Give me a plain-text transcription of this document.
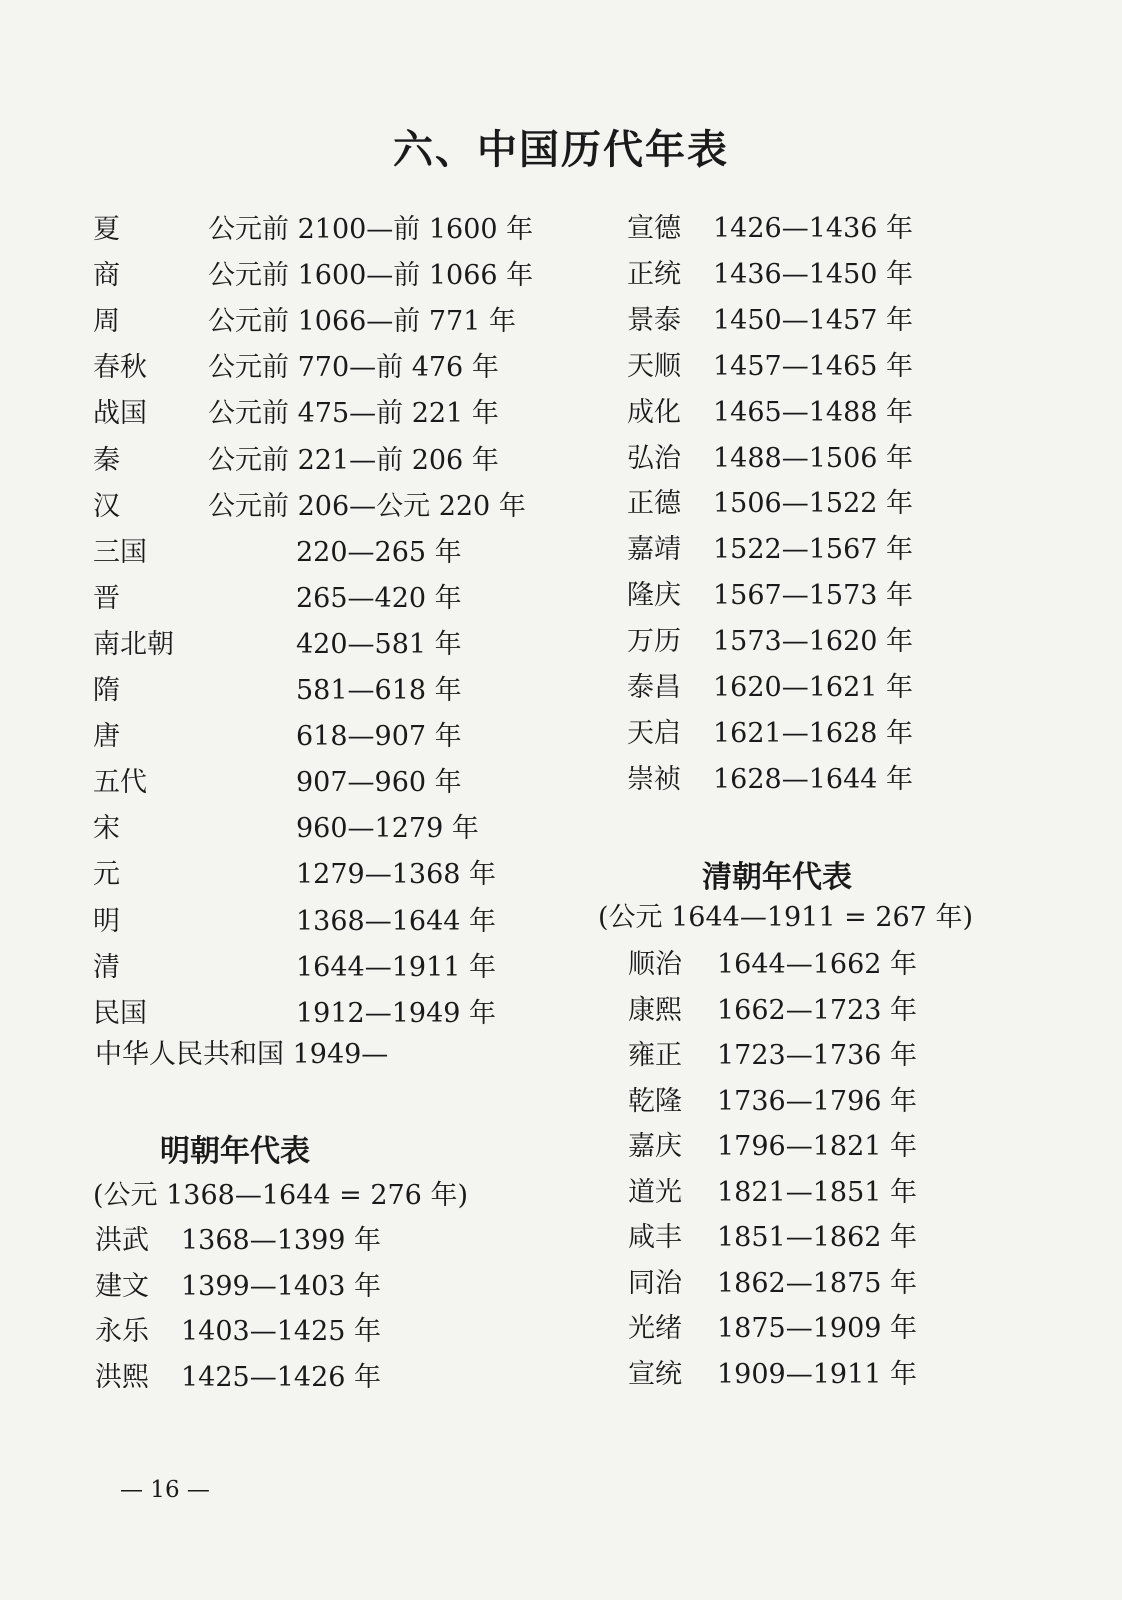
六、中国历代年表
夏	公元前 2100—前 1600 年
商	公元前 1600—前 1066 年
周	公元前 1066—前 771 年
春秋 公元前 770—前 476 年
战国 公元前 475—前 221 年
秦	公元前 221—前 206 年
汉	公元前 206—公元 220 年
三国	220—265 年
晋	265—420 年
南北朝	420—581 年
隋	581—618 年
唐	618—907 年
五代	907—960 年
宋	960—1279 年
元	1279—1368 年
明	1368—1644 年
清	1644—1911 年
民国	1912—1949 年
中华人民共和国 1949—
明朝年代表
(公元 1368—1644 = 276 年)
洪武 1368—1399 年
建文 1399—1403 年
永乐 1403—1425 年
洪熙 1425—1426 年
宣德 1426—1436 年
正统 1436—1450 年
景泰 1450—1457 年
天顺 1457—1465 年
成化 1465—1488 年
弘治 1488—1506 年
正德 1506—1522 年
嘉靖 1522—1567 年
隆庆 1567—1573 年
万历 1573—1620 年
泰昌 1620—1621 年
天启 1621—1628 年
崇祯 1628—1644 年
清朝年代表
(公元 1644—1911 = 267 年)
顺治 1644—1662 年
康熙 1662—1723 年
雍正 1723—1736 年
乾隆 1736—1796 年
嘉庆 1796—1821 年
道光 1821—1851 年
咸丰 1851—1862 年
同治 1862—1875 年
光绪 1875—1909 年
宣统 1909—1911 年
— 16 —
